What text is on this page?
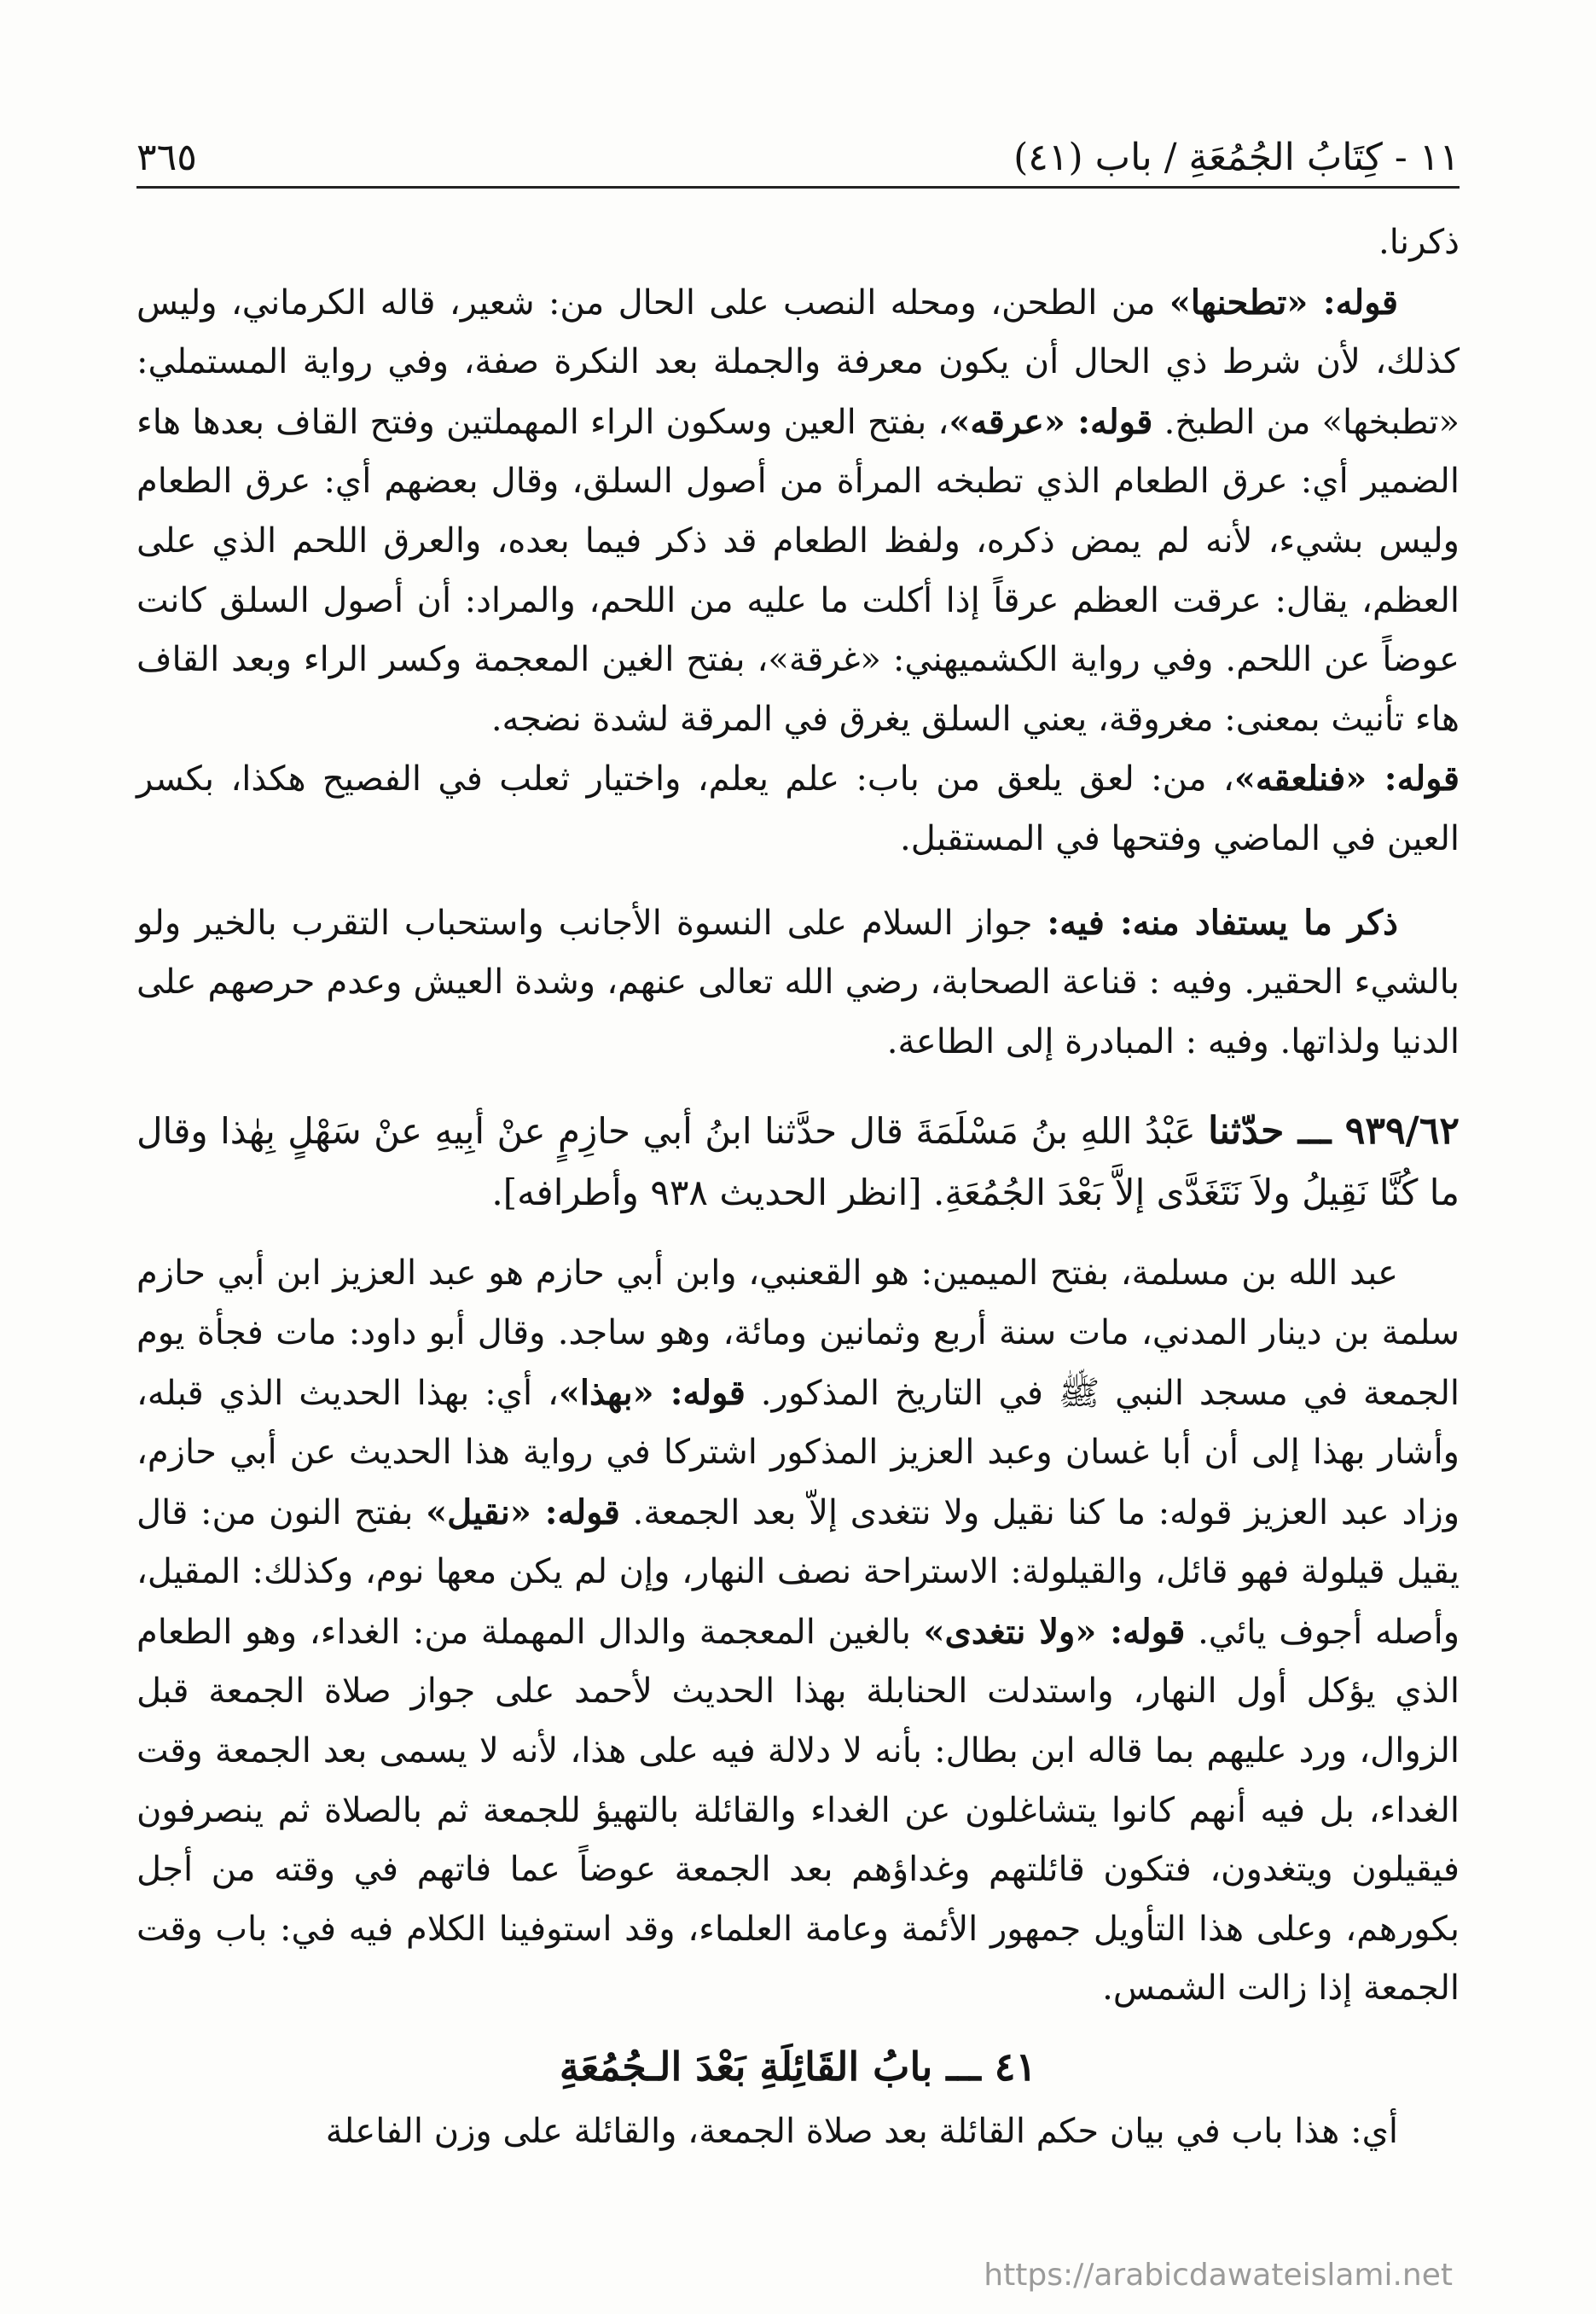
٣٦٥	١١ - كِتَابُ الجُمُعَةِ / باب (٤١)

ذكرنا.

قوله: «تطحنها» من الطحن، ومحله النصب على الحال من: شعير، قاله الكرماني، وليس كذلك، لأن شرط ذي الحال أن يكون معرفة والجملة بعد النكرة صفة، وفي رواية المستملي: «تطبخها» من الطبخ. قوله: «عرقه»، بفتح العين وسكون الراء المهملتين وفتح القاف بعدها هاء الضمير أي: عرق الطعام الذي تطبخه المرأة من أصول السلق، وقال بعضهم أي: عرق الطعام وليس بشيء، لأنه لم يمض ذكره، ولفظ الطعام قد ذكر فيما بعده، والعرق اللحم الذي على العظم، يقال: عرقت العظم عرقاً إذا أكلت ما عليه من اللحم، والمراد: أن أصول السلق كانت عوضاً عن اللحم. وفي رواية الكشميهني: «غرقة»، بفتح الغين المعجمة وكسر الراء وبعد القاف هاء تأنيث بمعنى: مغروقة، يعني السلق يغرق في المرقة لشدة نضجه.

قوله: «فنلعقه»، من: لعق يلعق من باب: علم يعلم، واختيار ثعلب في الفصيح هكذا، بكسر العين في الماضي وفتحها في المستقبل.

ذكر ما يستفاد منه: فيه: جواز السلام على النسوة الأجانب واستحباب التقرب بالخير ولو بالشيء الحقير. وفيه : قناعة الصحابة، رضي الله تعالى عنهم، وشدة العيش وعدم حرصهم على الدنيا ولذاتها. وفيه : المبادرة إلى الطاعة.

٩٣٩/٦٢ ـــ حدّثنا عَبْدُ اللهِ بنُ مَسْلَمَةَ قال حدَّثنا ابنُ أبي حازِمٍ عنْ أبِيهِ عنْ سَهْلٍ بِهٰذا وقال ما كُنَّا نَقِيلُ ولاَ نَتَغَدَّى إلاَّ بَعْدَ الجُمُعَةِ. [انظر الحديث ٩٣٨ وأطرافه].

عبد الله بن مسلمة، بفتح الميمين: هو القعنبي، وابن أبي حازم هو عبد العزيز ابن أبي حازم سلمة بن دينار المدني، مات سنة أربع وثمانين ومائة، وهو ساجد. وقال أبو داود: مات فجأة يوم الجمعة في مسجد النبي ﷺ في التاريخ المذكور. قوله: «بهذا»، أي: بهذا الحديث الذي قبله، وأشار بهذا إلى أن أبا غسان وعبد العزيز المذكور اشتركا في رواية هذا الحديث عن أبي حازم، وزاد عبد العزيز قوله: ما كنا نقيل ولا نتغدى إلاّ بعد الجمعة. قوله: «نقيل» بفتح النون من: قال يقيل قيلولة فهو قائل، والقيلولة: الاستراحة نصف النهار، وإن لم يكن معها نوم، وكذلك: المقيل، وأصله أجوف يائي. قوله: «ولا نتغدى» بالغين المعجمة والدال المهملة من: الغداء، وهو الطعام الذي يؤكل أول النهار، واستدلت الحنابلة بهذا الحديث لأحمد على جواز صلاة الجمعة قبل الزوال، ورد عليهم بما قاله ابن بطال: بأنه لا دلالة فيه على هذا، لأنه لا يسمى بعد الجمعة وقت الغداء، بل فيه أنهم كانوا يتشاغلون عن الغداء والقائلة بالتهيؤ للجمعة ثم بالصلاة ثم ينصرفون فيقيلون ويتغدون، فتكون قائلتهم وغداؤهم بعد الجمعة عوضاً عما فاتهم في وقته من أجل بكورهم، وعلى هذا التأويل جمهور الأئمة وعامة العلماء، وقد استوفينا الكلام فيه في: باب وقت الجمعة إذا زالت الشمس.

٤١ ـــ بابُ القَائِلَةِ بَعْدَ الـجُمُعَةِ

أي: هذا باب في بيان حكم القائلة بعد صلاة الجمعة، والقائلة على وزن الفاعلة

https://arabicdawateislami.net
